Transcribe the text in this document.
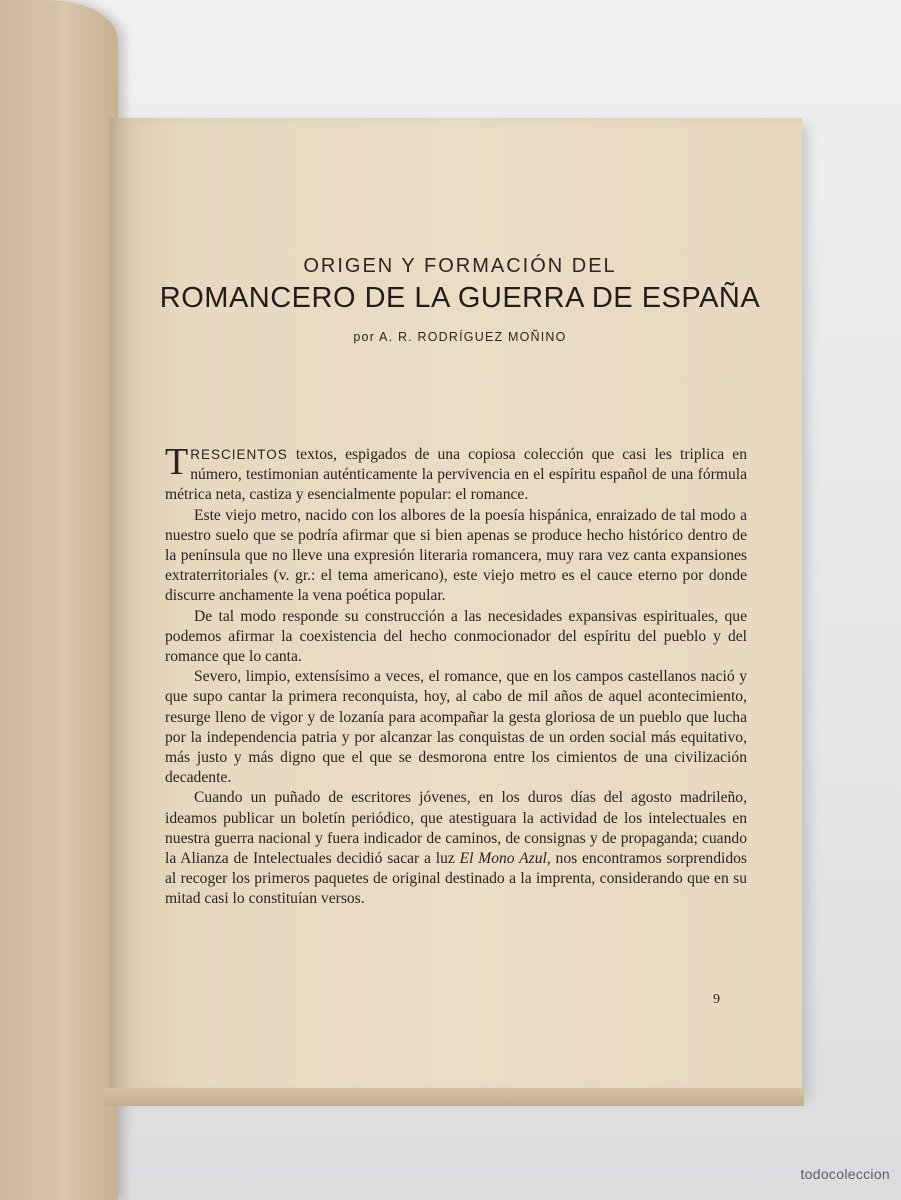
ORIGEN Y FORMACIÓN DEL
ROMANCERO DE LA GUERRA DE ESPAÑA
por A. R. RODRÍGUEZ MOÑINO

TRESCIENTOS textos, espigados de una copiosa colección que casi les triplica en número, testimonian auténticamente la pervivencia en el espíritu español de una fórmula métrica neta, castiza y esencialmente popular: el romance.

Este viejo metro, nacido con los albores de la poesía hispánica, enraizado de tal modo a nuestro suelo que se podría afirmar que si bien apenas se produce hecho histórico dentro de la península que no lleve una expresión literaria romancera, muy rara vez canta expansiones extraterritoriales (v. gr.: el tema americano), este viejo metro es el cauce eterno por donde discurre anchamente la vena poética popular.

De tal modo responde su construcción a las necesidades expansivas espirituales, que podemos afirmar la coexistencia del hecho conmocionador del espíritu del pueblo y del romance que lo canta.

Severo, limpio, extensísimo a veces, el romance, que en los campos castellanos nació y que supo cantar la primera reconquista, hoy, al cabo de mil años de aquel acontecimiento, resurge lleno de vigor y de lozanía para acompañar la gesta gloriosa de un pueblo que lucha por la independencia patria y por alcanzar las conquistas de un orden social más equitativo, más justo y más digno que el que se desmorona entre los cimientos de una civilización decadente.

Cuando un puñado de escritores jóvenes, en los duros días del agosto madrileño, ideamos publicar un boletín periódico, que atestiguara la actividad de los intelectuales en nuestra guerra nacional y fuera indicador de caminos, de consignas y de propaganda; cuando la Alianza de Intelectuales decidió sacar a luz El Mono Azul, nos encontramos sorprendidos al recoger los primeros paquetes de original destinado a la imprenta, considerando que en su mitad casi lo constituían versos.

9
todocoleccion
